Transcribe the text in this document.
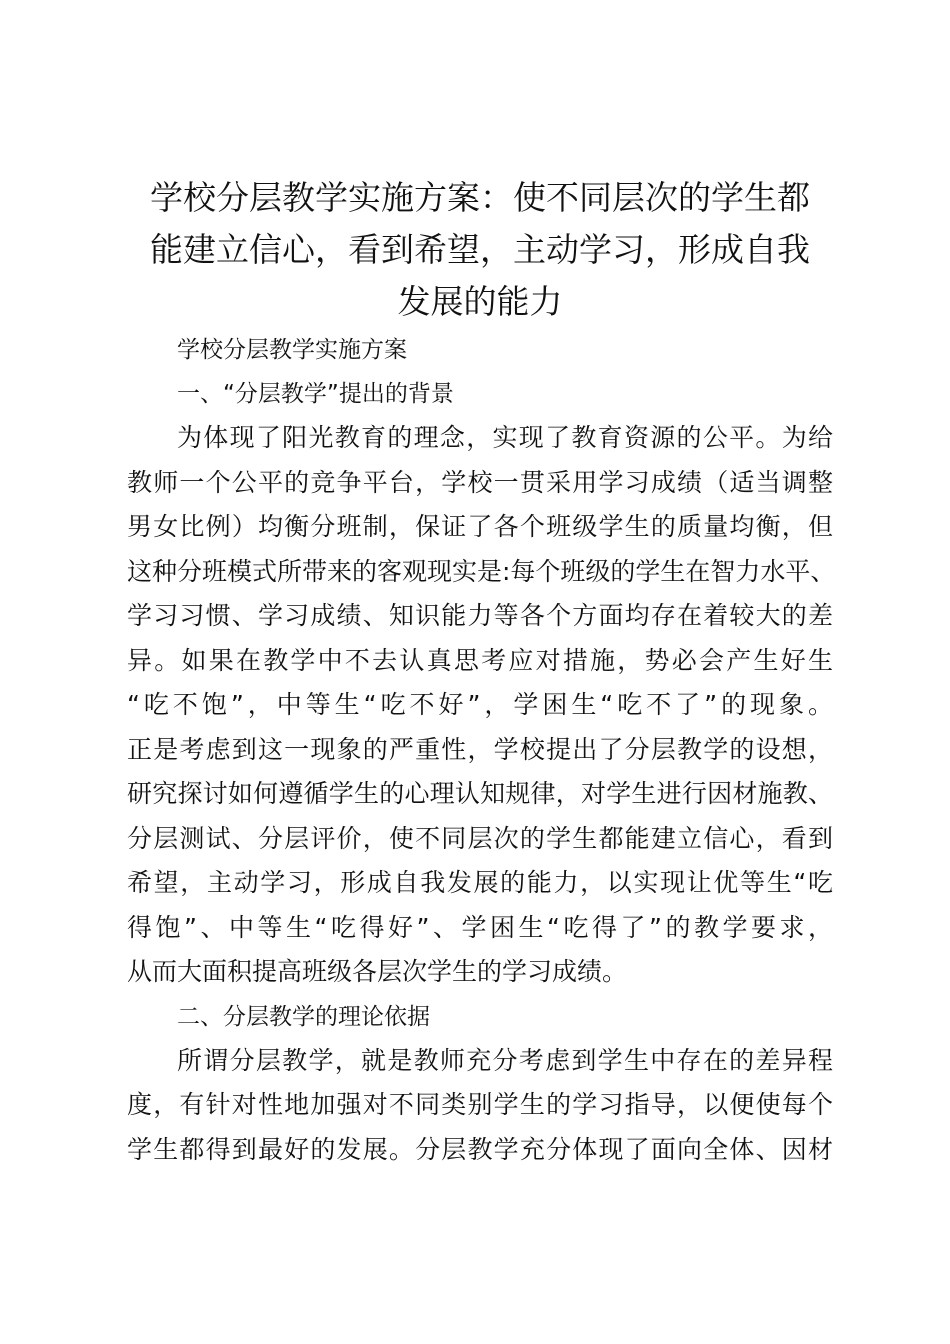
学校分层教学实施方案：使不同层次的学生都
能建立信心，看到希望，主动学习，形成自我
发展的能力
学校分层教学实施方案
一、“分层教学”提出的背景
为体现了阳光教育的理念，实现了教育资源的公平。为给
教师一个公平的竞争平台，学校一贯采用学习成绩（适当调整
男女比例）均衡分班制，保证了各个班级学生的质量均衡，但
这种分班模式所带来的客观现实是:每个班级的学生在智力水平、
学习习惯、学习成绩、知识能力等各个方面均存在着较大的差
异。如果在教学中不去认真思考应对措施，势必会产生好生
“吃不饱”，中等生“吃不好”，学困生“吃不了”的现象。
正是考虑到这一现象的严重性，学校提出了分层教学的设想，
研究探讨如何遵循学生的心理认知规律，对学生进行因材施教、
分层测试、分层评价，使不同层次的学生都能建立信心，看到
希望，主动学习，形成自我发展的能力，以实现让优等生“吃
得饱”、中等生“吃得好”、学困生“吃得了”的教学要求，
从而大面积提高班级各层次学生的学习成绩。
二、分层教学的理论依据
所谓分层教学，就是教师充分考虑到学生中存在的差异程
度，有针对性地加强对不同类别学生的学习指导，以便使每个
学生都得到最好的发展。分层教学充分体现了面向全体、因材
